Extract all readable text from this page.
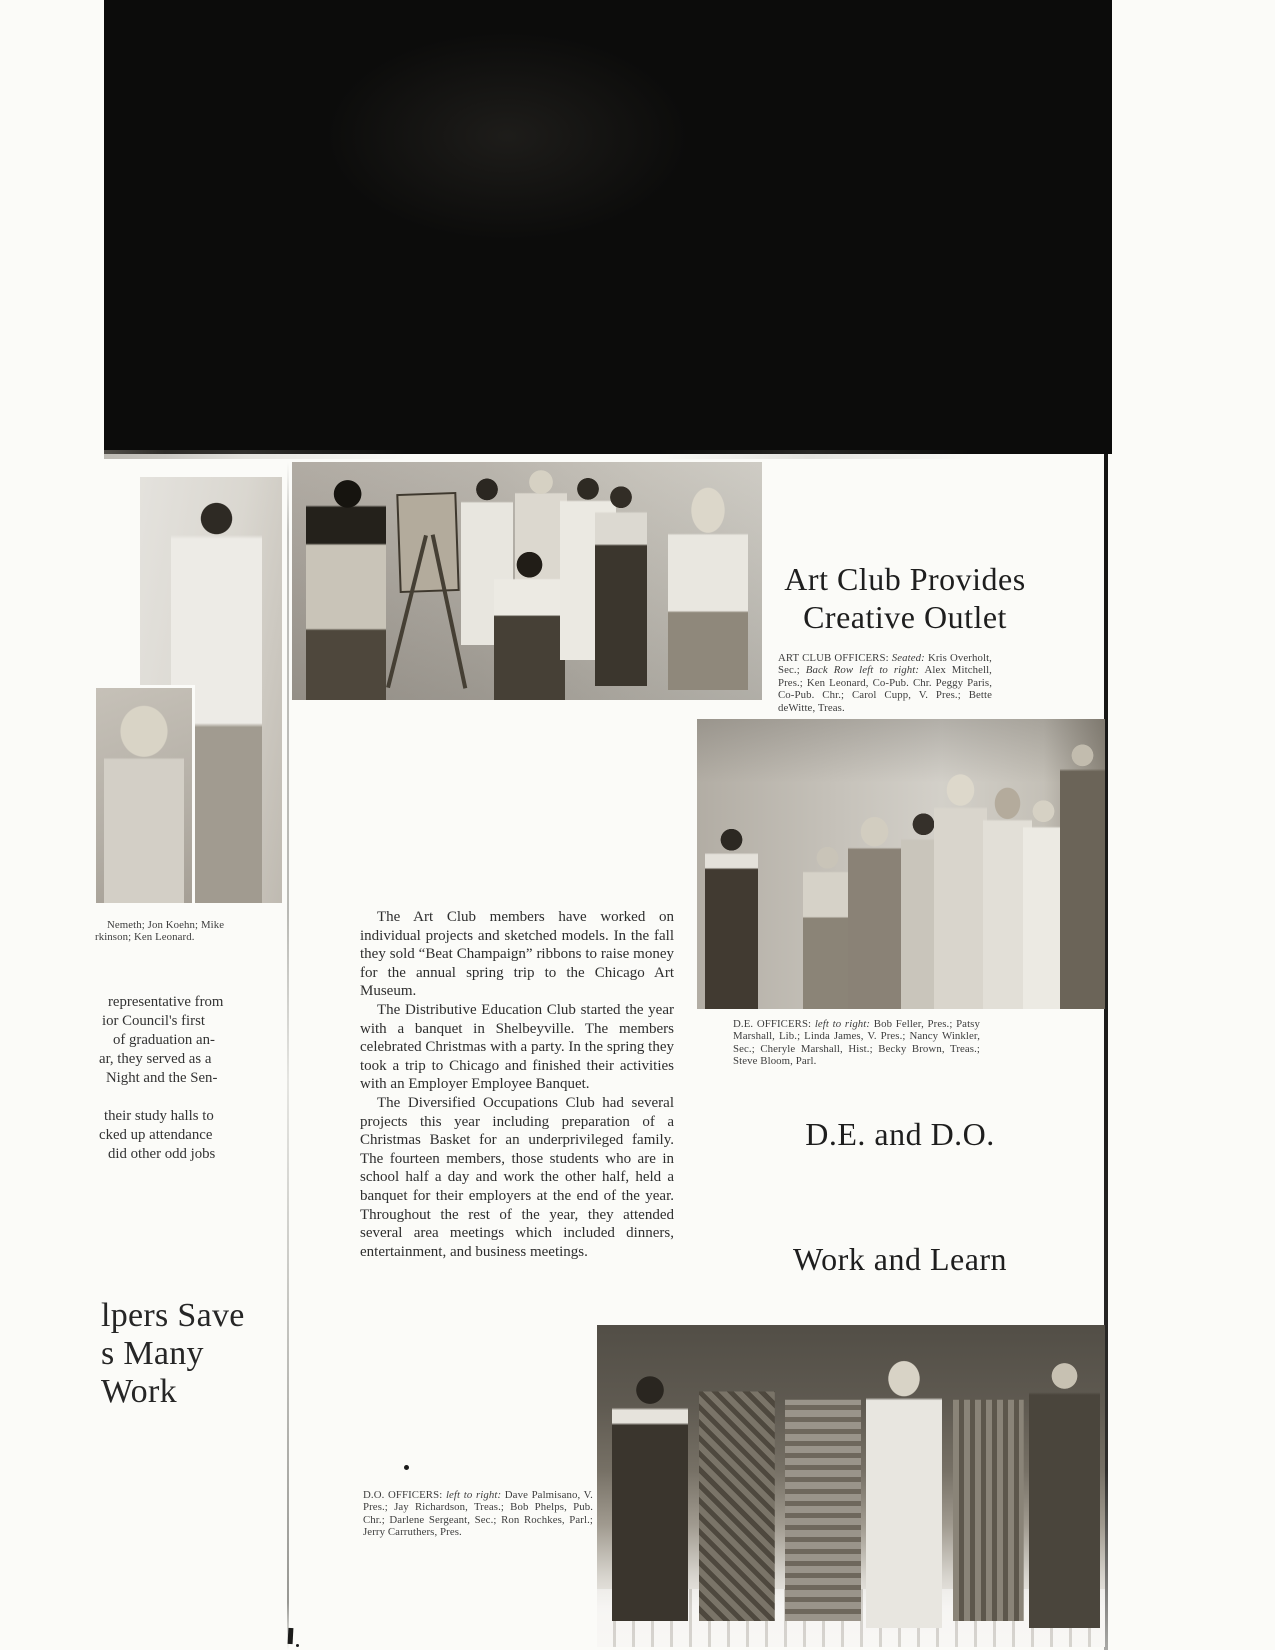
Art Club Provides
Creative Outlet
ART CLUB OFFICERS: Seated: Kris Overholt, Sec.; Back Row left to right: Alex Mitchell, Pres.; Ken Leonard, Co-Pub. Chr. Peggy Paris, Co-Pub. Chr.; Carol Cupp, V. Pres.; Bette deWitte, Treas.
D.E. OFFICERS: left to right: Bob Feller, Pres.; Patsy Marshall, Lib.; Linda James, V. Pres.; Nancy Winkler, Sec.; Cheryle Marshall, Hist.; Becky Brown, Treas.; Steve Bloom, Parl.
Nemeth; Jon Koehn; Mike
rkinson; Ken Leonard.
representative from
ior Council's first
of graduation an-
ar, they served as a
Night and the Sen-
their study halls to
cked up attendance
did other odd jobs

The Art Club members have worked on individual projects and sketched models. In the fall they sold “Beat Champaign” ribbons to raise money for the annual spring trip to the Chicago Art Museum.

The Distributive Education Club started the year with a banquet in Shelbeyville. The members celebrated Christmas with a party. In the spring they took a trip to Chicago and finished their activities with an Employer Employee Banquet.

The Diversified Occupations Club had several projects this year including preparation of a Christmas Basket for an underprivileged family. The fourteen members, those students who are in school half a day and work the other half, held a banquet for their employers at the end of the year. Throughout the rest of the year, they attended several area meetings which included dinners, entertainment, and business meetings.

D.E. and D.O.
Work and Learn
lpers Save
s Many
Work
D.O. OFFICERS: left to right: Dave Palmisano, V. Pres.; Jay Richardson, Treas.; Bob Phelps, Pub. Chr.; Darlene Sergeant, Sec.; Ron Rochkes, Parl.; Jerry Carruthers, Pres.
